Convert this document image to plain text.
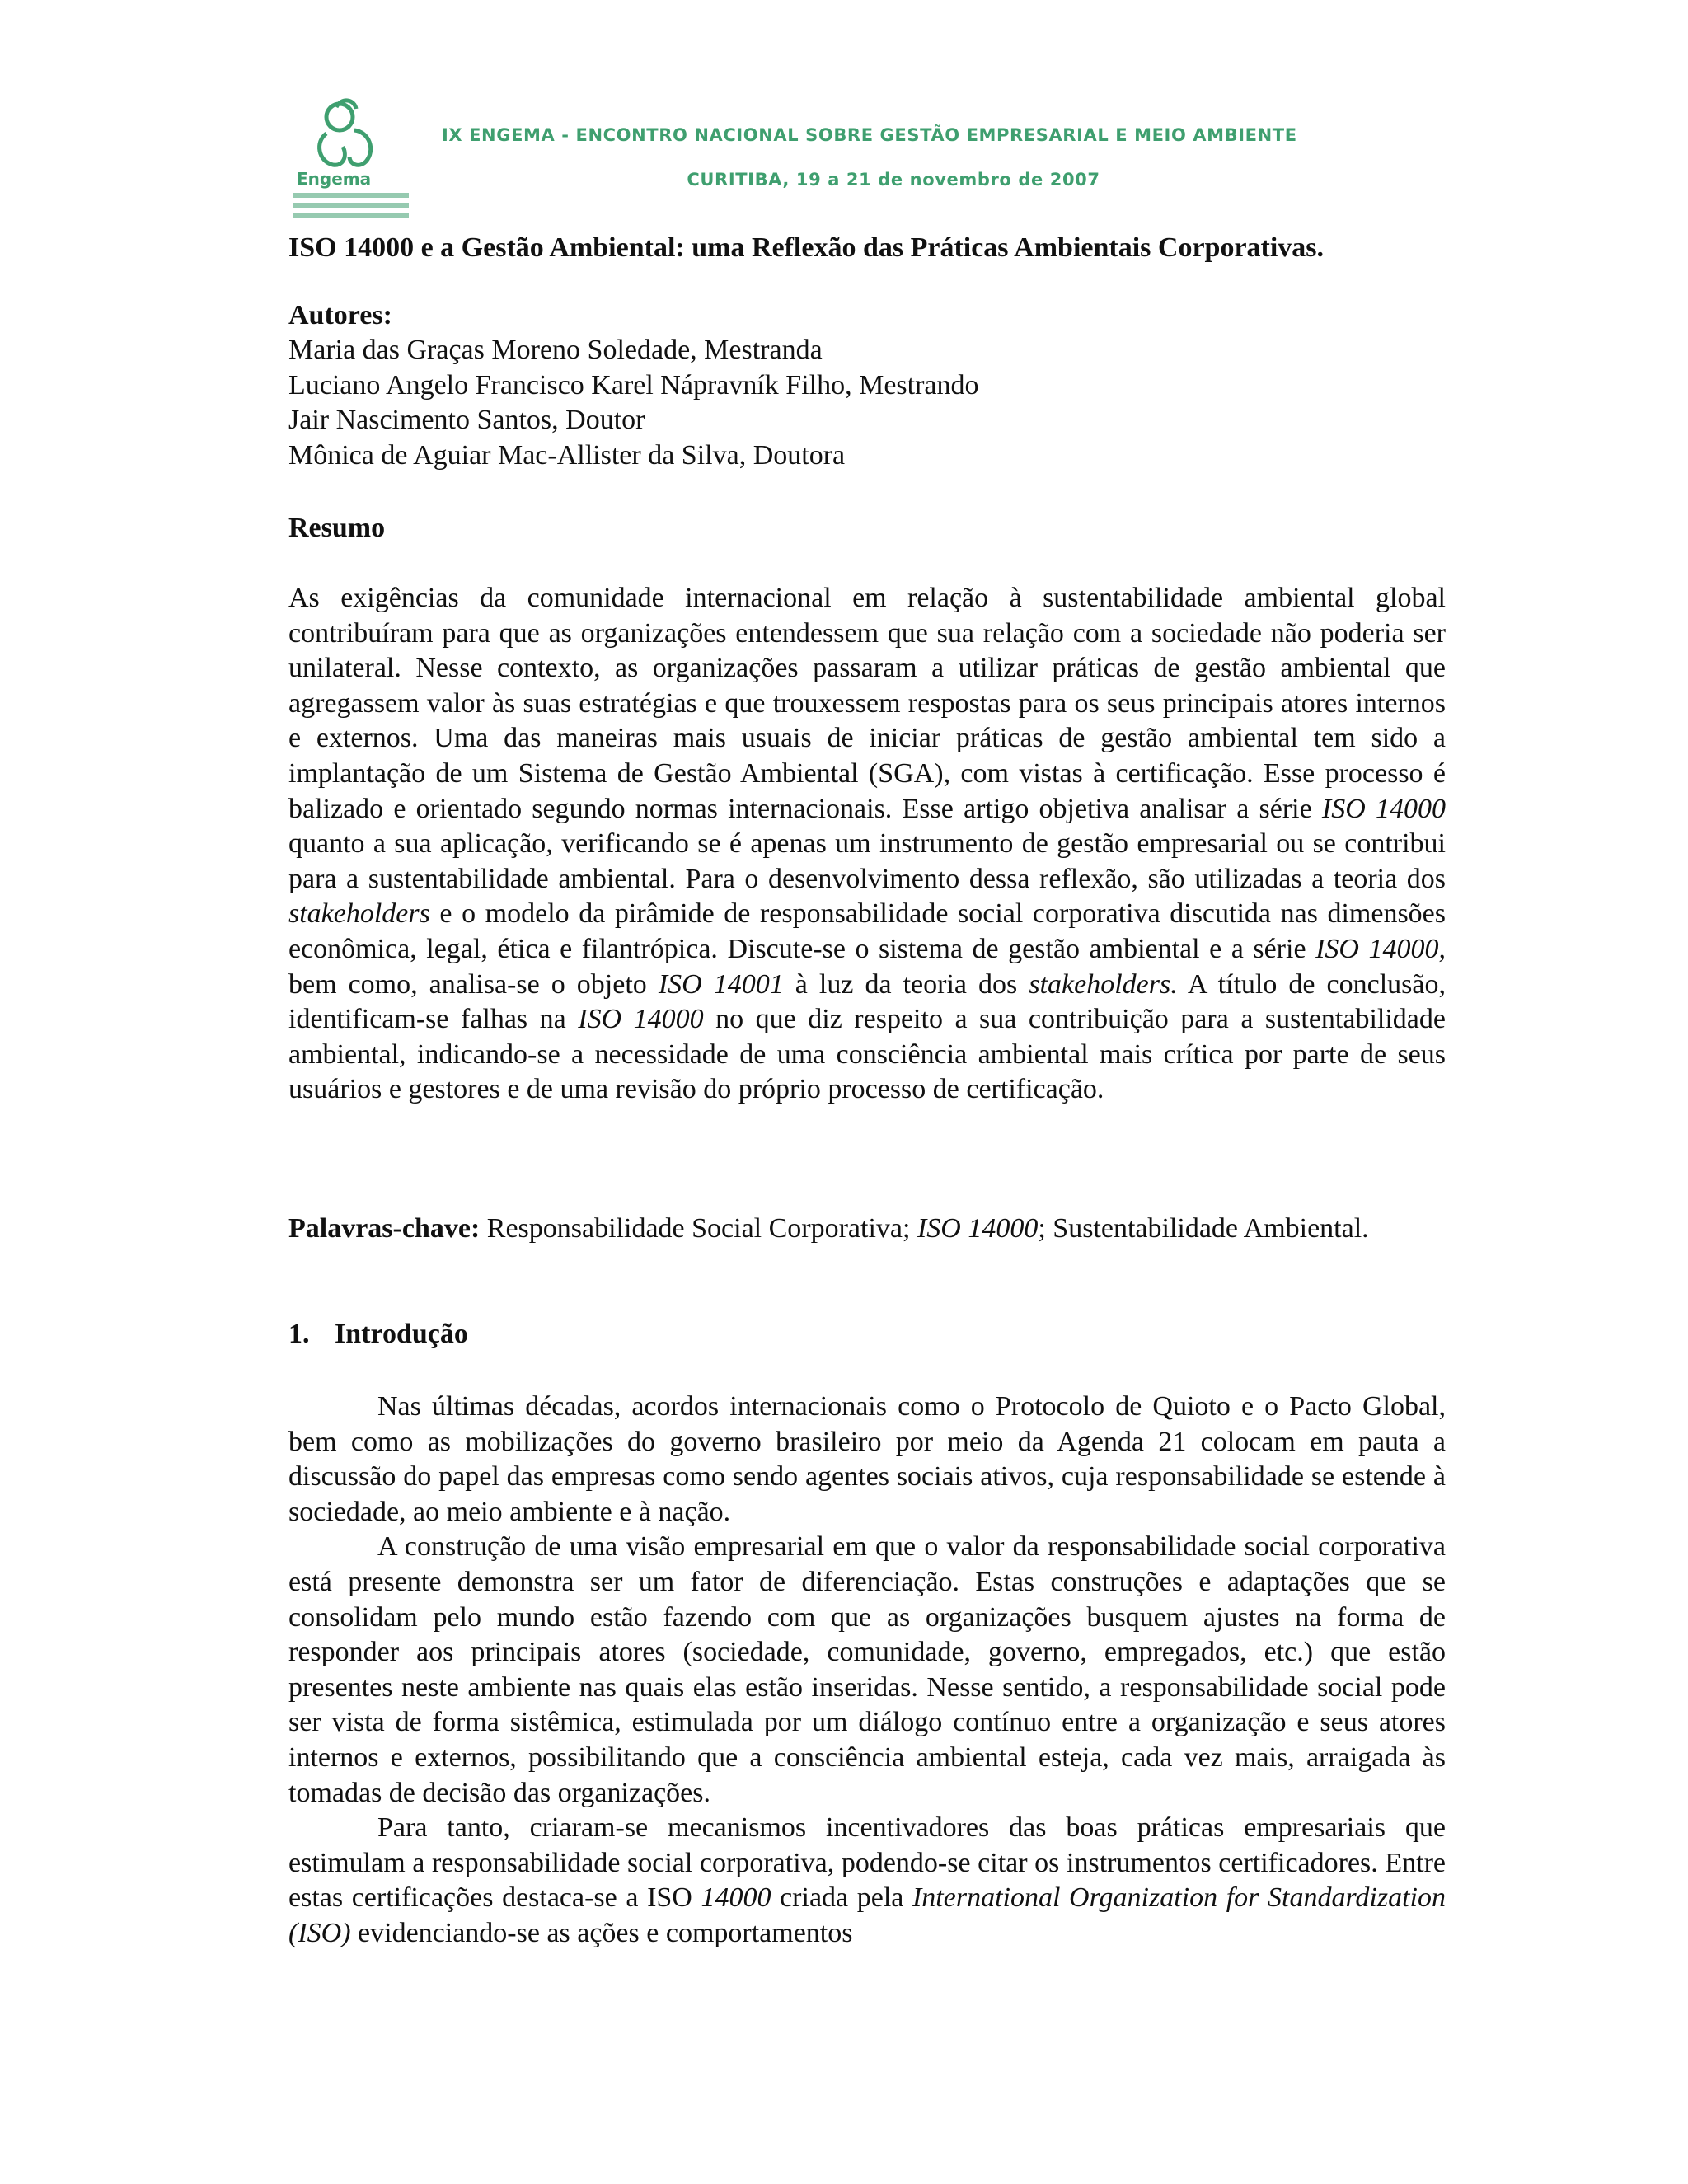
Engema
IX ENGEMA - ENCONTRO NACIONAL SOBRE GESTÃO EMPRESARIAL E MEIO AMBIENTE
CURITIBA, 19 a 21 de novembro de 2007
ISO 14000 e a Gestão Ambiental: uma Reflexão das Práticas Ambientais Corporativas.
Autores:
Maria das Graças Moreno Soledade, Mestranda
Luciano Angelo Francisco Karel Nápravník Filho, Mestrando
Jair Nascimento Santos, Doutor
Mônica de Aguiar Mac-Allister da Silva, Doutora
Resumo
As exigências da comunidade internacional em relação à sustentabilidade ambiental global contribuíram para que as organizações entendessem que sua relação com a sociedade não poderia ser unilateral. Nesse contexto, as organizações passaram a utilizar práticas de gestão ambiental que agregassem valor às suas estratégias e que trouxessem respostas para os seus principais atores internos e externos. Uma das maneiras mais usuais de iniciar práticas de gestão ambiental tem sido a implantação de um Sistema de Gestão Ambiental (SGA), com vistas à certificação. Esse processo é balizado e orientado segundo normas internacionais. Esse artigo objetiva analisar a série ISO 14000 quanto a sua aplicação, verificando se é apenas um instrumento de gestão empresarial ou se contribui para a sustentabilidade ambiental. Para o desenvolvimento dessa reflexão, são utilizadas a teoria dos stakeholders e o modelo da pirâmide de responsabilidade social corporativa discutida nas dimensões econômica, legal, ética e filantrópica. Discute-se o sistema de gestão ambiental e a série ISO 14000, bem como, analisa-se o objeto ISO 14001 à luz da teoria dos stakeholders. A título de conclusão, identificam-se falhas na ISO 14000 no que diz respeito a sua contribuição para a sustentabilidade ambiental, indicando-se a necessidade de uma consciência ambiental mais crítica por parte de seus usuários e gestores e de uma revisão do próprio processo de certificação.
Palavras-chave: Responsabilidade Social Corporativa; ISO 14000; Sustentabilidade Ambiental.
1. Introdução

Nas últimas décadas, acordos internacionais como o Protocolo de Quioto e o Pacto Global, bem como as mobilizações do governo brasileiro por meio da Agenda 21 colocam em pauta a discussão do papel das empresas como sendo agentes sociais ativos, cuja responsabilidade se estende à sociedade, ao meio ambiente e à nação.

A construção de uma visão empresarial em que o valor da responsabilidade social corporativa está presente demonstra ser um fator de diferenciação. Estas construções e adaptações que se consolidam pelo mundo estão fazendo com que as organizações busquem ajustes na forma de responder aos principais atores (sociedade, comunidade, governo, empregados, etc.) que estão presentes neste ambiente nas quais elas estão inseridas. Nesse sentido, a responsabilidade social pode ser vista de forma sistêmica, estimulada por um diálogo contínuo entre a organização e seus atores internos e externos, possibilitando que a consciência ambiental esteja, cada vez mais, arraigada às tomadas de decisão das organizações.

Para tanto, criaram-se mecanismos incentivadores das boas práticas empresariais que estimulam a responsabilidade social corporativa, podendo-se citar os instrumentos certificadores. Entre estas certificações destaca-se a ISO 14000 criada pela International Organization for Standardization (ISO) evidenciando-se as ações e comportamentos
